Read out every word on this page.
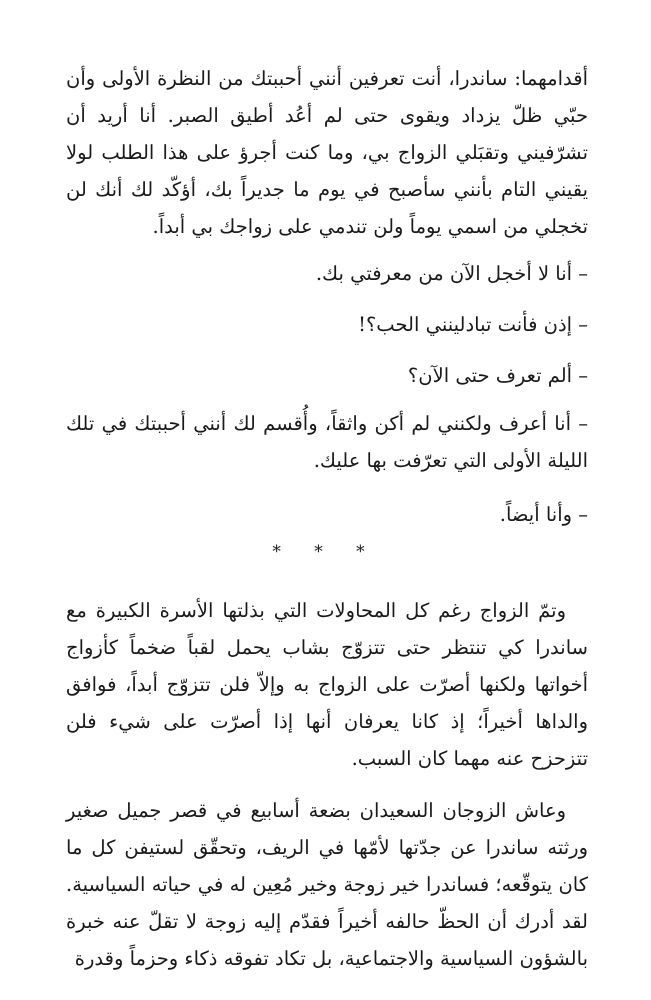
أقدامهما: ساندرا، أنت تعرفين أنني أحببتك من النظرة الأولى وأن حبّي ظلّ يزداد ويقوى حتى لم أعُد أطيق الصبر. أنا أريد أن تشرّفيني وتقبَلي الزواج بي، وما كنت أجرؤ على هذا الطلب لولا يقيني التام بأنني سأصبح في يوم ما جديراً بك، أؤكّد لك أنك لن تخجلي من اسمي يوماً ولن تندمي على زواجك بي أبداً.

– أنا لا أخجل الآن من معرفتي بك.

– إذن فأنت تبادلينني الحب؟!

– ألم تعرف حتى الآن؟

– أنا أعرف ولكنني لم أكن واثقاً، وأُقسم لك أنني أحببتك في تلك الليلة الأولى التي تعرّفت بها عليك.

– وأنا أيضاً.

* * *

وتمّ الزواج رغم كل المحاولات التي بذلتها الأسرة الكبيرة مع ساندرا كي تنتظر حتى تتزوّج بشاب يحمل لقباً ضخماً كأزواج أخواتها ولكنها أصرّت على الزواج به وإلاّ فلن تتزوّج أبداً، فوافق والداها أخيراً؛ إذ كانا يعرفان أنها إذا أصرّت على شيء فلن تتزحزح عنه مهما كان السبب.

وعاش الزوجان السعيدان بضعة أسابيع في قصر جميل صغير ورثته ساندرا عن جدّتها لأمّها في الريف، وتحقّق لستيفن كل ما كان يتوقّعه؛ فساندرا خير زوجة وخير مُعِين له في حياته السياسية. لقد أدرك أن الحظّ حالفه أخيراً فقدّم إليه زوجة لا تقلّ عنه خبرة بالشؤون السياسية والاجتماعية، بل تكاد تفوقه ذكاء وحزماً وقدرة
